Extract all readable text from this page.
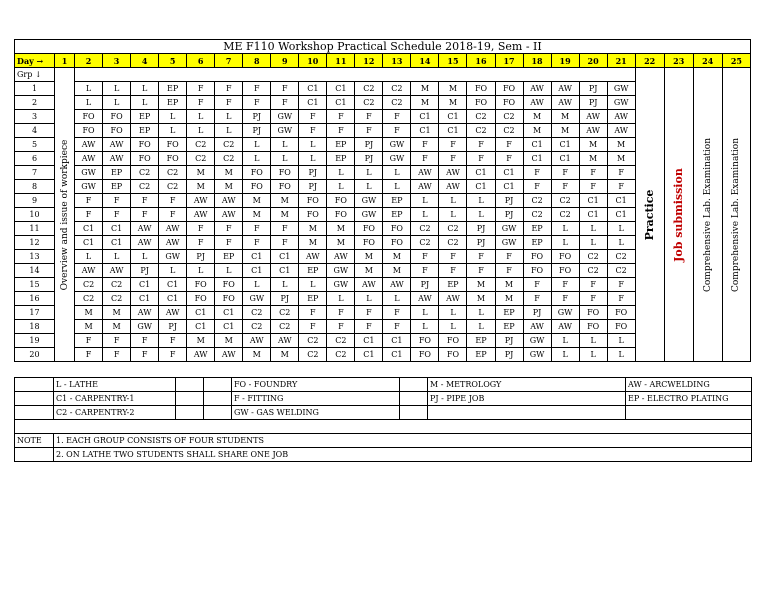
ME F110 Workshop Practical Schedule 2018-19, Sem - II																									
Day →	1	2	3	4	5	6	7	8	9	10	11	12	13	14	15	16	17	18	19	20	21	22	23	24	25
Grp ↓	Overview and issue of workpiece																					Practice	Job submission	Comprehensive Lab. Examination	Comprehensive Lab. Examination

1		L	L	L	EP	F	F	F	F	C1	C1	C2	C2	M	M	FO	FO	AW	AW	PJ	GW				
2		L	L	L	EP	F	F	F	F	C1	C1	C2	C2	M	M	FO	FO	AW	AW	PJ	GW				
3		FO	FO	EP	L	L	L	PJ	GW	F	F	F	F	C1	C1	C2	C2	M	M	AW	AW				
4		FO	FO	EP	L	L	L	PJ	GW	F	F	F	F	C1	C1	C2	C2	M	M	AW	AW				
5		AW	AW	FO	FO	C2	C2	L	L	L	EP	PJ	GW	F	F	F	F	C1	C1	M	M				
6		AW	AW	FO	FO	C2	C2	L	L	L	EP	PJ	GW	F	F	F	F	C1	C1	M	M				
7		GW	EP	C2	C2	M	M	FO	FO	PJ	L	L	L	AW	AW	C1	C1	F	F	F	F				
8		GW	EP	C2	C2	M	M	FO	FO	PJ	L	L	L	AW	AW	C1	C1	F	F	F	F				
9		F	F	F	F	AW	AW	M	M	FO	FO	GW	EP	L	L	L	PJ	C2	C2	C1	C1				
10		F	F	F	F	AW	AW	M	M	FO	FO	GW	EP	L	L	L	PJ	C2	C2	C1	C1				
11		C1	C1	AW	AW	F	F	F	F	M	M	FO	FO	C2	C2	PJ	GW	EP	L	L	L				
12		C1	C1	AW	AW	F	F	F	F	M	M	FO	FO	C2	C2	PJ	GW	EP	L	L	L				
13		L	L	L	GW	PJ	EP	C1	C1	AW	AW	M	M	F	F	F	F	FO	FO	C2	C2				
14		AW	AW	PJ	L	L	L	C1	C1	EP	GW	M	M	F	F	F	F	FO	FO	C2	C2				
15		C2	C2	C1	C1	FO	FO	L	L	L	GW	AW	AW	PJ	EP	M	M	F	F	F	F				
16		C2	C2	C1	C1	FO	FO	GW	PJ	EP	L	L	L	AW	AW	M	M	F	F	F	F				
17		M	M	AW	AW	C1	C1	C2	C2	F	F	F	F	L	L	L	EP	PJ	GW	FO	FO				
18		M	M	GW	PJ	C1	C1	C2	C2	F	F	F	F	L	L	L	EP	AW	AW	FO	FO				
19		F	F	F	F	M	M	AW	AW	C2	C2	C1	C1	FO	FO	EP	PJ	GW	L	L	L				
20		F	F	F	F	AW	AW	M	M	C2	C2	C1	C1	FO	FO	EP	PJ	GW	L	L	L				
	L - LATHE			FO - FOUNDRY		M - METROLOGY	AW - ARCWELDING
	C1 - CARPENTRY-1			F - FITTING		PJ - PIPE JOB	EP - ELECTRO PLATING
	C2 - CARPENTRY-2			GW - GAS WELDING			

NOTE	1. EACH GROUP CONSISTS OF FOUR STUDENTS						
	2. ON LATHE TWO STUDENTS SHALL SHARE ONE JOB						
